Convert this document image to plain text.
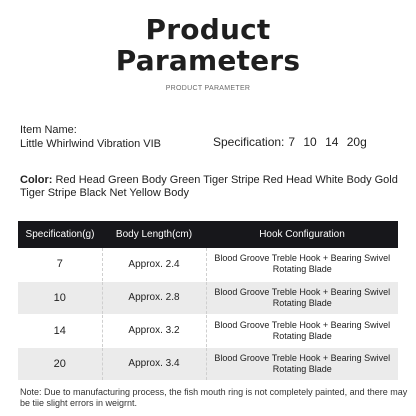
Product
Parameters
PRODUCT PARAMETER
Item Name:
Little Whirlwind Vibration VIB	Specification: 7 10 14 20g
Color: Red Head Green Body Green Tiger Stripe Red Head White Body Gold Tiger Stripe Black Net Yellow Body
Specification(g)	Body Length(cm)	Hook Configuration
7	Approx. 2.4	Blood Groove Treble Hook + Bearing Swivel Rotating Blade
10	Approx. 2.8	Blood Groove Treble Hook + Bearing Swivel Rotating Blade
14	Approx. 3.2	Blood Groove Treble Hook + Bearing Swivel Rotating Blade
20	Approx. 3.4	Blood Groove Treble Hook + Bearing Swivel Rotating Blade
Note: Due to manufacturing process, the fish mouth ring is not completely painted, and there may be tiie slight errors in weigrnt.
